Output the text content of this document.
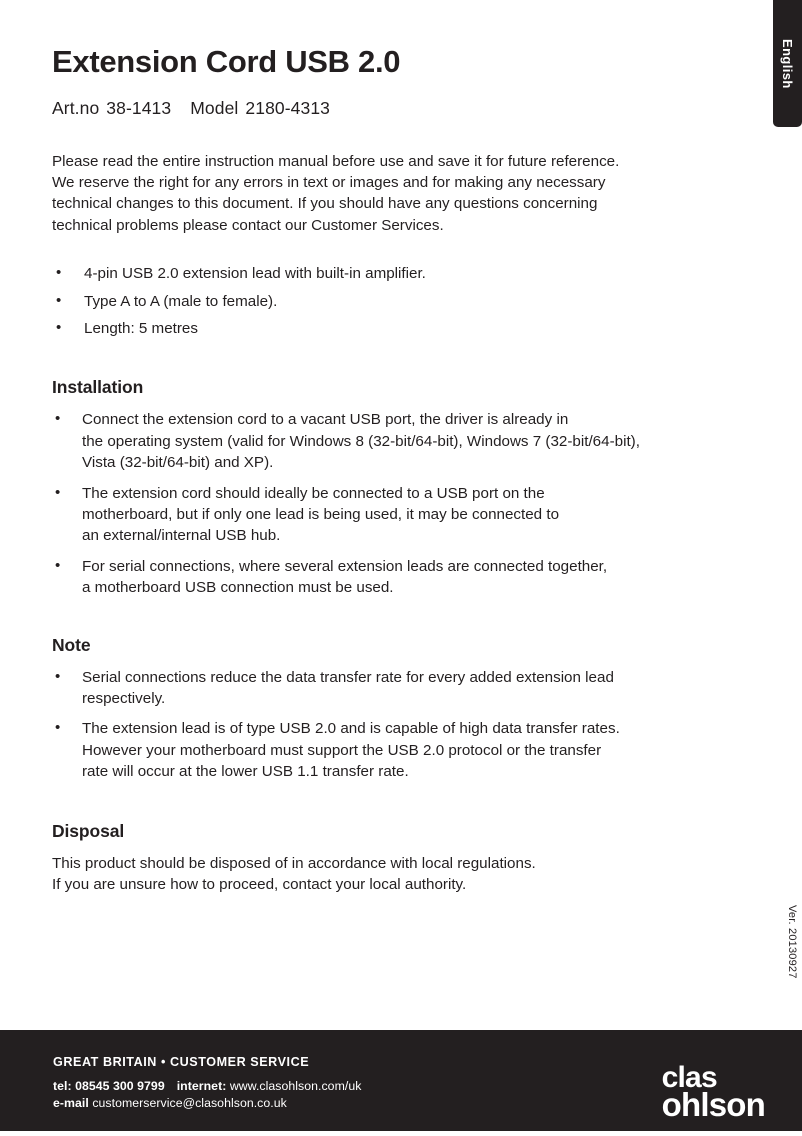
English
Ver. 20130927
Extension Cord USB 2.0
Art.no 38-1413 Model 2180-4313
Please read the entire instruction manual before use and save it for future reference.
We reserve the right for any errors in text or images and for making any necessary
technical changes to this document. If you should have any questions concerning
technical problems please contact our Customer Services.
• 4-pin USB 2.0 extension lead with built-in amplifier.
• Type A to A (male to female).
• Length: 5 metres
Installation
• Connect the extension cord to a vacant USB port, the driver is already in
the operating system (valid for Windows 8 (32-bit/64-bit), Windows 7 (32-bit/64-bit),
Vista (32-bit/64-bit) and XP).
• The extension cord should ideally be connected to a USB port on the
motherboard, but if only one lead is being used, it may be connected to
an external/internal USB hub.
• For serial connections, where several extension leads are connected together,
a motherboard USB connection must be used.
Note
• Serial connections reduce the data transfer rate for every added extension lead
respectively.
• The extension lead is of type USB 2.0 and is capable of high data transfer rates.
However your motherboard must support the USB 2.0 protocol or the transfer
rate will occur at the lower USB 1.1 transfer rate.
Disposal
This product should be disposed of in accordance with local regulations.
If you are unsure how to proceed, contact your local authority.
GREAT BRITAIN • CUSTOMER SERVICE
tel: 08545 300 9799 internet: www.clasohlson.com/uk
e-mail customerservice@clasohlson.co.uk
clas
ohlson
